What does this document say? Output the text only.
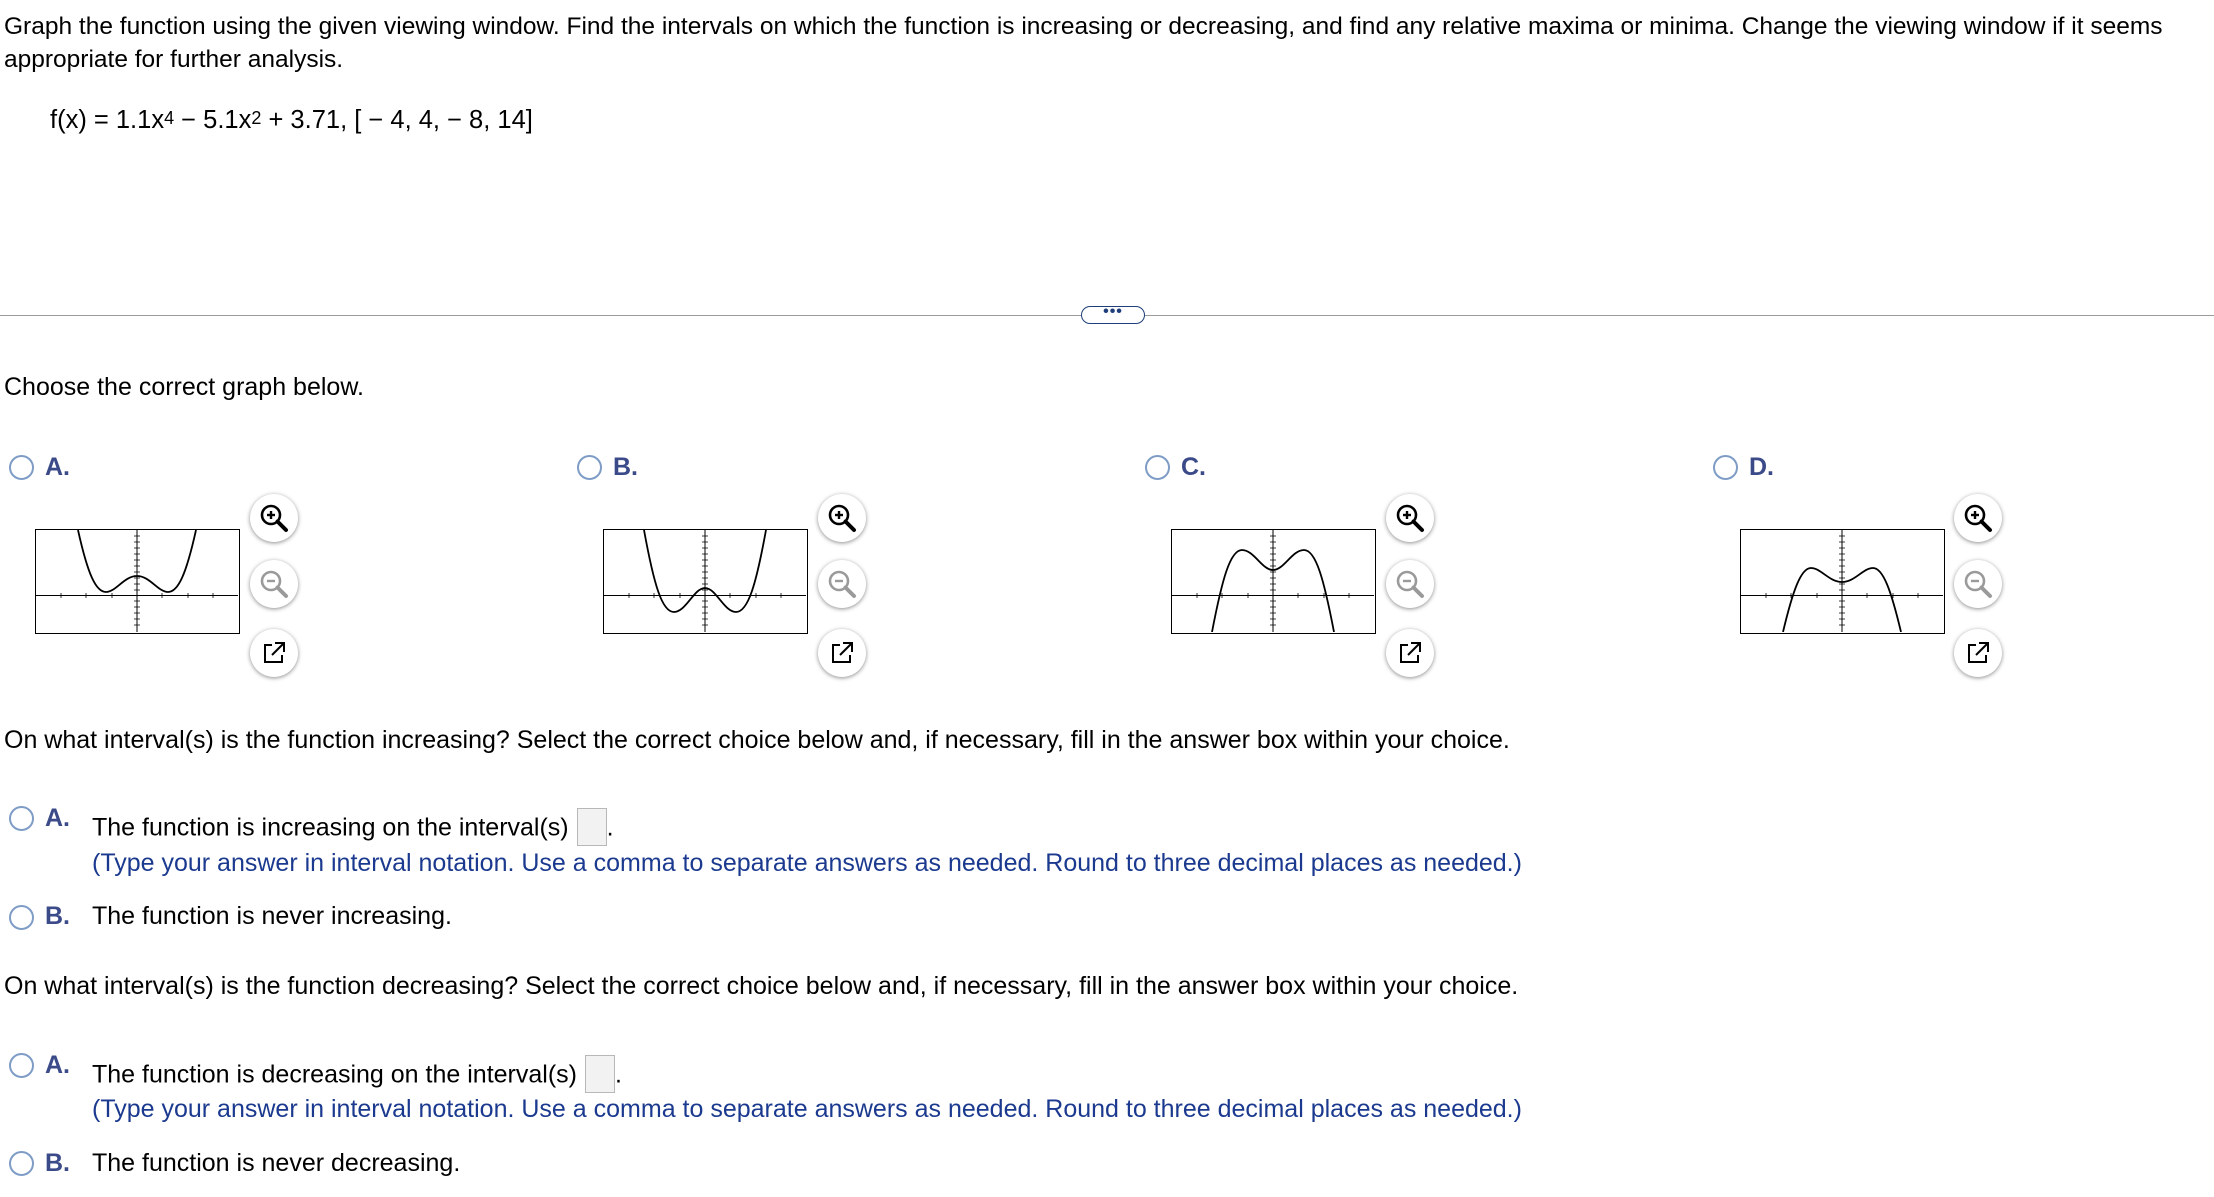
Graph the function using the given viewing window. Find the intervals on which the function is increasing or decreasing, and find any relative maxima or minima. Change the viewing window if it seems appropriate for further analysis.
$f(x) = 1.1x^4 - 5.1x^2 + 3.71$, [ − 4, 4, − 8, 14]
•••
Choose the correct graph below.
A.	B.	C.	D.
On what interval(s) is the function increasing? Select the correct choice below and, if necessary, fill in the answer box within your choice.
A. The function is increasing on the interval(s) .
(Type your answer in interval notation. Use a comma to separate answers as needed. Round to three decimal places as needed.)
B. The function is never increasing.
On what interval(s) is the function decreasing? Select the correct choice below and, if necessary, fill in the answer box within your choice.
A. The function is decreasing on the interval(s) .
(Type your answer in interval notation. Use a comma to separate answers as needed. Round to three decimal places as needed.)
B. The function is never decreasing.
